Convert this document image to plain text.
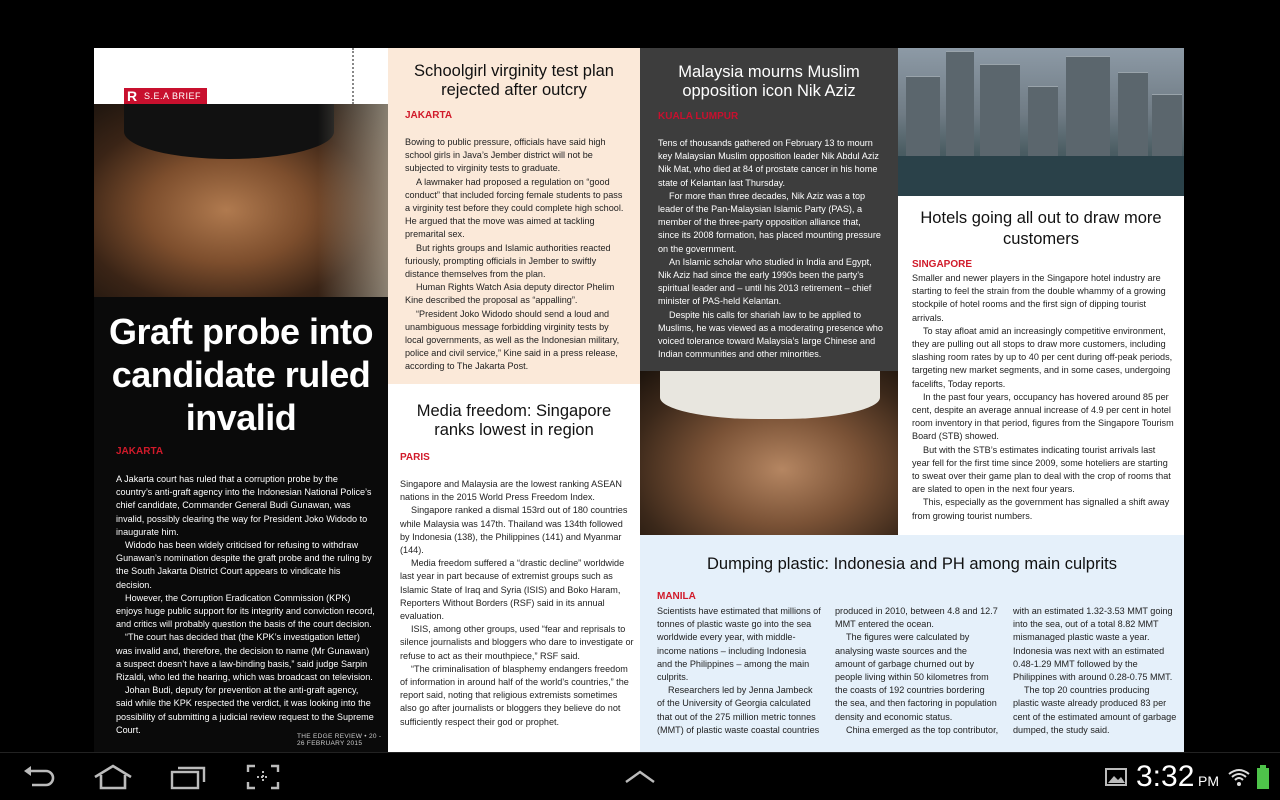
R S.E.A BRIEF
Graft probe into candidate ruled invalid
JAKARTA

A Jakarta court has ruled that a corruption probe by the country’s anti-graft agency into the Indonesian National Police’s chief candidate, Commander General Budi Gunawan, was invalid, possibly clearing the way for President Joko Widodo to inaugurate him.

Widodo has been widely criticised for refusing to withdraw Gunawan’s nomination despite the graft probe and the ruling by the South Jakarta District Court appears to vindicate his decision.

However, the Corruption Eradication Commission (KPK) enjoys huge public support for its integrity and conviction record, and critics will probably question the basis of the court decision.

“The court has decided that (the KPK’s investigation letter) was invalid and, therefore, the decision to name (Mr Gunawan) a suspect doesn’t have a law-binding basis,” said judge Sarpin Rizaldi, who led the hearing, which was broadcast on television.

Johan Budi, deputy for prevention at the anti-graft agency, said while the KPK respected the verdict, it was looking into the possibility of submitting a judicial review request to the Supreme Court.

THE EDGE REVIEW • 20 - 26 FEBRUARY 2015
Schoolgirl virginity test plan rejected after outcry
JAKARTA

Bowing to public pressure, officials have said high school girls in Java’s Jember district will not be subjected to virginity tests to graduate.

A lawmaker had proposed a regulation on “good conduct” that included forcing female students to pass a virginity test before they could complete high school. He argued that the move was aimed at tackling premarital sex.

But rights groups and Islamic authorities reacted furiously, prompting officials in Jember to swiftly distance themselves from the plan.

Human Rights Watch Asia deputy director Phelim Kine described the proposal as “appalling”.

“President Joko Widodo should send a loud and unambiguous message forbidding virginity tests by local governments, as well as the Indonesian military, police and civil service,” Kine said in a press release, according to The Jakarta Post.

Media freedom: Singapore ranks lowest in region
PARIS

Singapore and Malaysia are the lowest ranking ASEAN nations in the 2015 World Press Freedom Index.

Singapore ranked a dismal 153rd out of 180 countries while Malaysia was 147th. Thailand was 134th followed by Indonesia (138), the Philippines (141) and Myanmar (144).

Media freedom suffered a “drastic decline” worldwide last year in part because of extremist groups such as Islamic State of Iraq and Syria (ISIS) and Boko Haram, Reporters Without Borders (RSF) said in its annual evaluation.

ISIS, among other groups, used “fear and reprisals to silence journalists and bloggers who dare to investigate or refuse to act as their mouthpiece,” RSF said.

“The criminalisation of blasphemy endangers freedom of information in around half of the world’s countries,” the report said, noting that religious extremists sometimes also go after journalists or bloggers they believe do not sufficiently respect their god or prophet.

Malaysia mourns Muslim opposition icon Nik Aziz
KUALA LUMPUR

Tens of thousands gathered on February 13 to mourn key Malaysian Muslim opposition leader Nik Abdul Aziz Nik Mat, who died at 84 of prostate cancer in his home state of Kelantan last Thursday.

For more than three decades, Nik Aziz was a top leader of the Pan-Malaysian Islamic Party (PAS), a member of the three-party opposition alliance that, since its 2008 formation, has placed mounting pressure on the government.

An Islamic scholar who studied in India and Egypt, Nik Aziz had since the early 1990s been the party’s spiritual leader and – until his 2013 retirement – chief minister of PAS-held Kelantan.

Despite his calls for shariah law to be applied to Muslims, he was viewed as a moderating presence who voiced tolerance toward Malaysia’s large Chinese and Indian communities and other minorities.

Hotels going all out to draw more customers
SINGAPORE

Smaller and newer players in the Singapore hotel industry are starting to feel the strain from the double whammy of a growing stockpile of hotel rooms and the first sign of dipping tourist arrivals.

To stay afloat amid an increasingly competitive environment, they are pulling out all stops to draw more customers, including slashing room rates by up to 40 per cent during off-peak periods, targeting new market segments, and in some cases, undergoing facelifts, Today reports.

In the past four years, occupancy has hovered around 85 per cent, despite an average annual increase of 4.9 per cent in hotel room inventory in that period, figures from the Singapore Tourism Board (STB) showed.

But with the STB’s estimates indicating tourist arrivals last year fell for the first time since 2009, some hoteliers are starting to sweat over their game plan to deal with the crop of rooms that are slated to open in the next four years.

This, especially as the government has signalled a shift away from growing tourist numbers.

Dumping plastic: Indonesia and PH among main culprits
MANILA

Scientists have estimated that millions of tonnes of plastic waste go into the sea worldwide every year, with middle-income nations – including Indonesia and the Philippines – among the main culprits.

Researchers led by Jenna Jambeck of the University of Georgia calculated that out of the 275 million metric tonnes (MMT) of plastic waste coastal countries

produced in 2010, between 4.8 and 12.7 MMT entered the ocean.

The figures were calculated by analysing waste sources and the amount of garbage churned out by people living within 50 kilometres from the coasts of 192 countries bordering the sea, and then factoring in population density and economic status.

China emerged as the top contributor,

with an estimated 1.32-3.53 MMT going into the sea, out of a total 8.82 MMT mismanaged plastic waste a year. Indonesia was next with an estimated 0.48-1.29 MMT followed by the Philippines with around 0.28-0.75 MMT.

The top 20 countries producing plastic waste already produced 83 per cent of the estimated amount of garbage dumped, the study said.

3:32 PM
